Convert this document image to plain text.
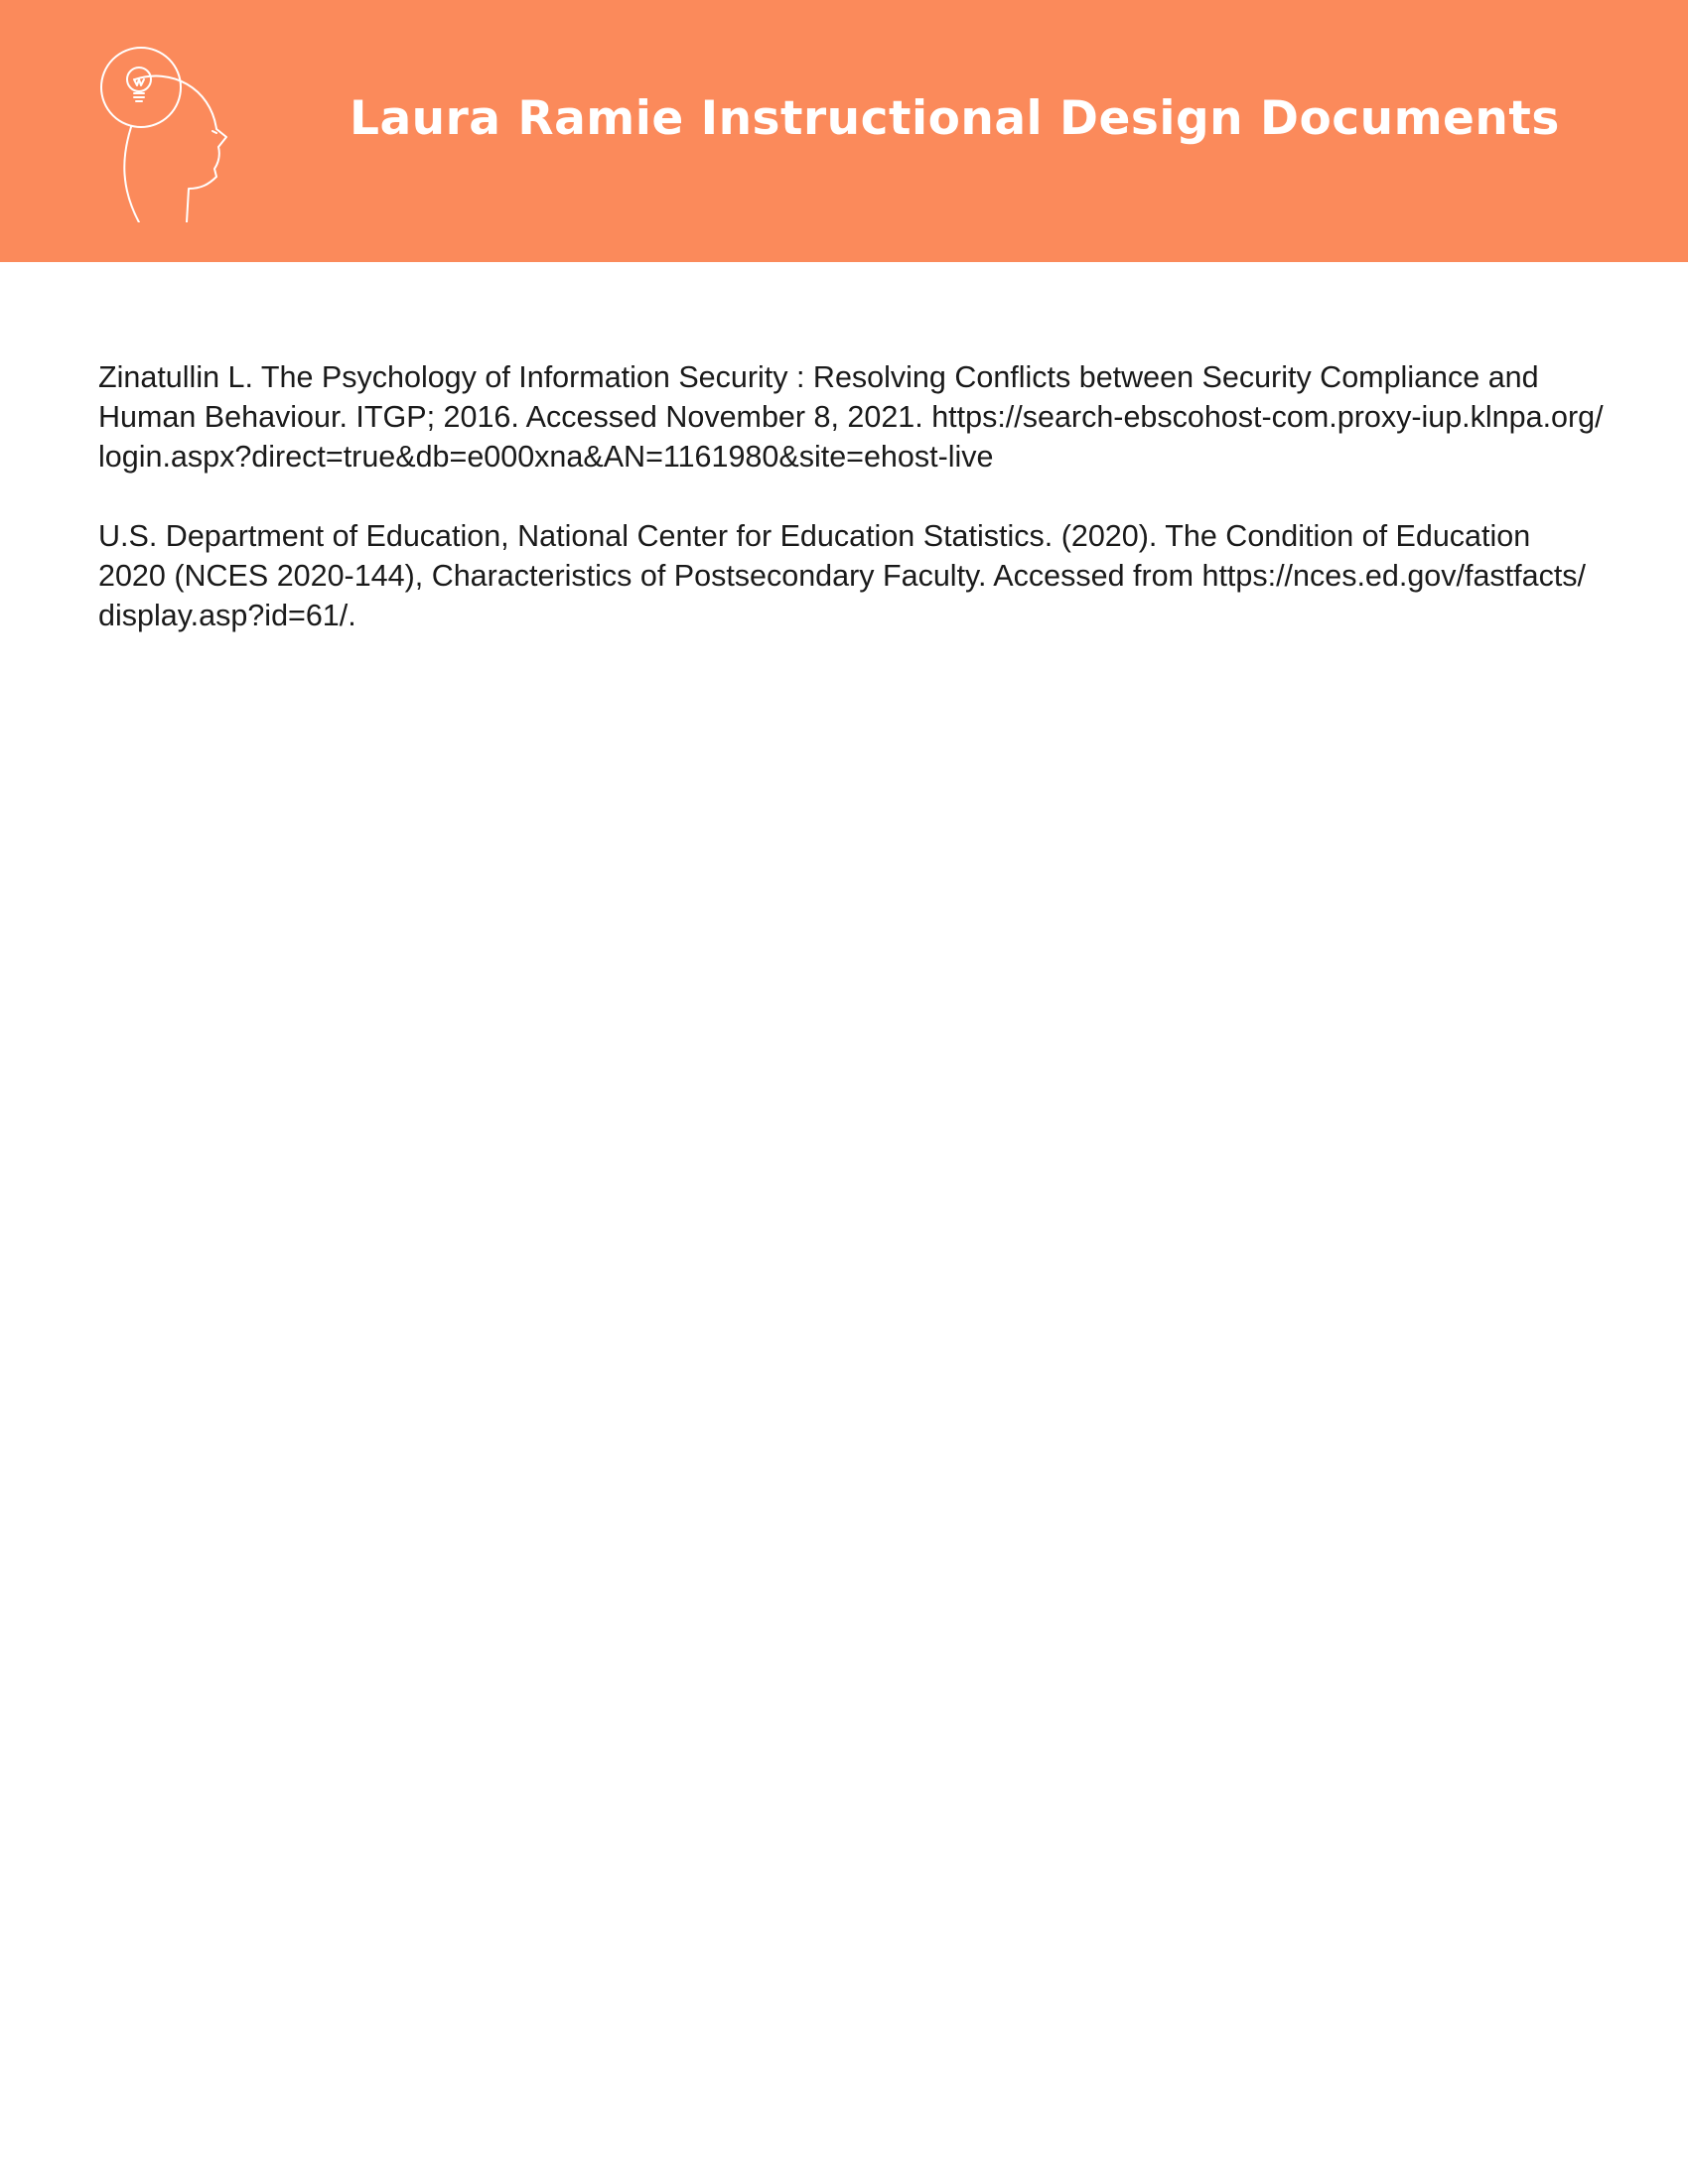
Laura Ramie Instructional Design Documents

Zinatullin L. The Psychology of Information Security : Resolving Conflicts between Security Compliance and
Human Behaviour. ITGP; 2016. Accessed November 8, 2021. https://search-ebscohost-com.proxy-iup.klnpa.org/
login.aspx?direct=true&db=e000xna&AN=1161980&site=ehost-live

U.S. Department of Education, National Center for Education Statistics. (2020). The Condition of Education
2020 (NCES 2020-144), Characteristics of Postsecondary Faculty. Accessed from https://nces.ed.gov/fastfacts/
display.asp?id=61/.
